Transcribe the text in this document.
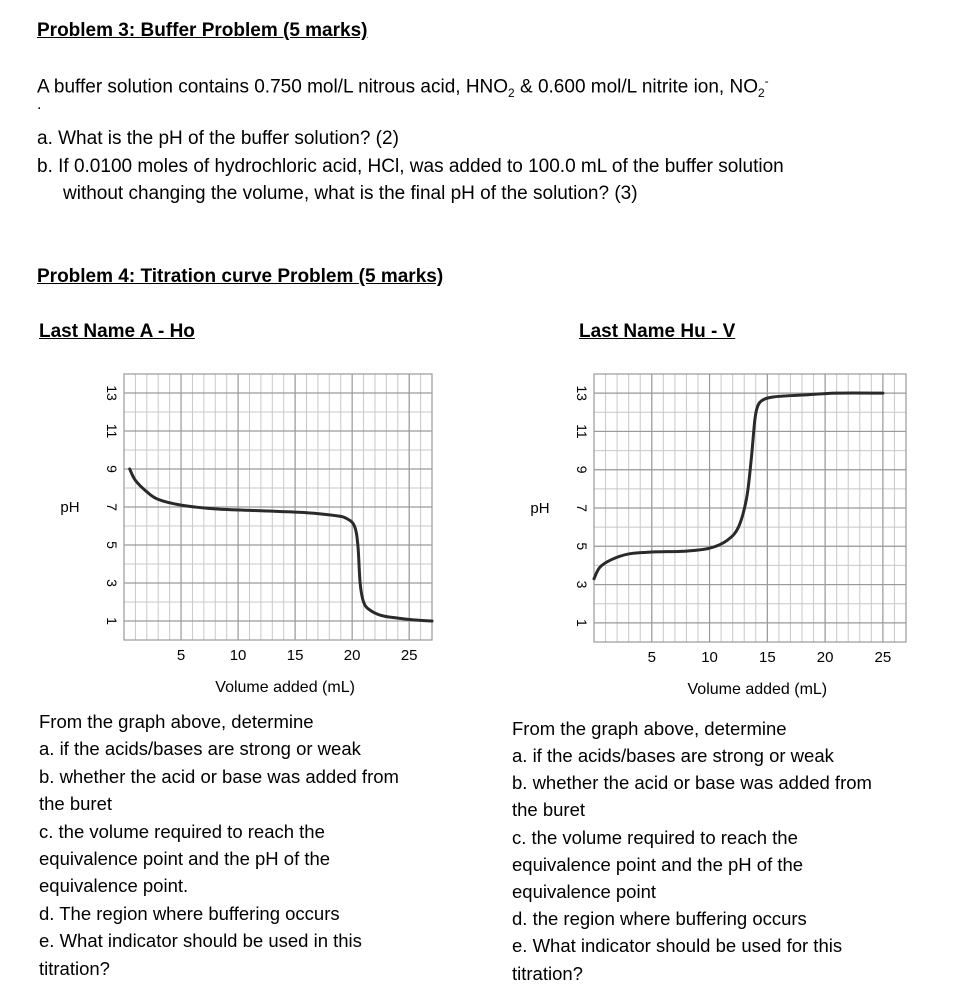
Problem 3: Buffer Problem (5 marks)
A buffer solution contains 0.750 mol/L nitrous acid, $HNO_2$ & 0.600 mol/L nitrite ion, $NO_2^-$
.
a. What is the pH of the buffer solution? (2)
b. If 0.0100 moles of hydrochloric acid, HCl, was added to 100.0 mL of the buffer solution
without changing the volume, what is the final pH of the solution? (3)
Problem 4: Titration curve Problem (5 marks)
Last Name A - Ho	Last Name Hu - V
1
3
5
7
9
11
13
5	10	15	20	25
pH
Volume added (mL)
1
3
5
7
9
11
13
5	10	15	20	25
pH
Volume added (mL)
From the graph above, determine
a. if the acids/bases are strong or weak
b. whether the acid or base was added from
the buret
c. the volume required to reach the
equivalence point and the pH of the
equivalence point.
d. The region where buffering occurs
e. What indicator should be used in this
titration?
From the graph above, determine
a. if the acids/bases are strong or weak
b. whether the acid or base was added from
the buret
c. the volume required to reach the
equivalence point and the pH of the
equivalence point
d. the region where buffering occurs
e. What indicator should be used for this
titration?
